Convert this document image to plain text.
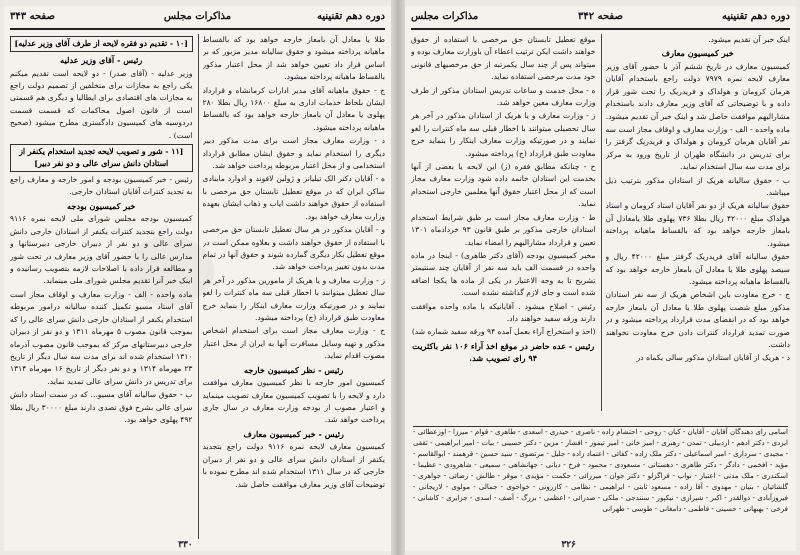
دوره دهم تقنینیه
مذاکرات مجلس
صفحه ۳۴۳
طلا یا معادل آن بامعاز خارجه خواهد بود که بالقساط ماهیانه پرداخته میشود و حقوق سالیانه مدیر مزبور که بر اساس قرار داد تعیین خواهد شد از محل اعتبار مذکور بالقساط ماهیانه پرداخته میشود.
ج - حقوق ماهیانه آقای مدیر ادارات کرمانشاه و قرارداد ایشان بلحاظ خدمات اداری به مبلغ ۱۶۸۰۰ ریال بطلا ۲۸۰ پهلوی یا معادل آن بامعاز خارجه خواهد بود که بالقساط ماهیانه پرداخته میشود.
د - وزارت معارف مجاز است برای مدت مذکور دبیر دیگری را استخدام نماید و حقوق ایشان مطابق قرارداد استخدامی و از محل اعتبار مربوطه پرداخت خواهد شد.
ه - آقایان دکتر الک تیلیانز و ژولین لافوند و ادوارد مابنادی ساکن ایران که در موقع تعطیل تابستان حق مرخصی با استفاده از حقوق خواهند داشت ایاب و ذهاب ایشان بعهده وزارت معارف خواهد بود.
و - آقایان مذکور در هر سال تعطیل تابستان حق مرخصی با استفاده از حقوق خواهند داشت و بعلاوه ممکن است در موقع تعطیل بکار دیگری گمارده شوند و حقوق آنها در تمام مدت بدون تغییر پرداخت خواهد شد.
ز - وزارت معارف و یا هریک از مامورین مذکور در آخر هر سال تعطیل میتوانند با اخطار قبلی سه ماه کنترات را لغو نمایند و در صورتیکه وزارت معارف اینکار را بنماید خرج معاودت طبق قرارداد (ج) پرداخته میشود.
ح - وزارت معارف مجاز است برای استخدام اشخاص مذکور و تهیه وسایل مسافرت آنها به ایران از محل اعتبار مصوب اقدام نماید.
رئیس - نظر کمیسیون خارجه
کمیسیون امور خارجه با نظر کمیسیون معارف موافقت دارد و لایحه را با تصویب کمیسیون معارف تصویب مینماید و اعتبار مصوب از بودجه وزارت معارف در سال جاری پرداخت خواهد شد.
رئیس - خبر کمیسیون معارف
کمیسیون معارف لایحه نمره ۹۱۱۶ دولت راجع بتجدید یکنفر از استادان دانش سرای عالی و دو نفر از دبیران خارجی که در سال ۱۳۱۱ استخدام شده اند مطرح نموده با توضیحات آقای وزیر معارف موافقت حاصل شد.
[۱۰ - تقدیم دو فقره لایحه از طرف آقای وزیر عدلیه]
رئیس - آقای وزیر عدلیه
وزیر عدلیه - (آقای صدر) - دو لایحه است تقدیم میکنم یکی راجع به مجازات برای متخلفین از تصمیم دولت راجع به مجازات های اقتصادی برای ایطالیا و دیگری هم قسمتی است از قانون اصول محاکمات که قسمت قسمت دردوسیه های کمیسیون دادگستری مطرح میشود (صحیح است) .
[۱۱ - شور و تصویب لایحه تجدید استخدام یکنفر از استادان دانش سرای عالی و دو نفر دبیر]
رئیس - خبر کمیسیون بودجه و امور خارجه و معارف راجع به تجدید کنترات آقایان استادان خارجی.
خبر کمیسیون بودجه
کمیسیون بودجه مجلس شورای ملی لایحه نمره ۹۱۱۶ دولت راجع بتجدید کنترات یکنفر از استادان خارجی دانش سرای عالی و دو نفر از دبیران خارجی دبیرستانها و مدارس عالی را با حضور آقای وزیر معارف در تحت شور و مطالعه قرار داده با اصلاحات لازمه بتصویب رسانیده و اینک خبر آنرا تقدیم مجلس شورای ملی مینماید.
ماده واحده - الف - وزارت معارف و اوقاف مجاز است آقای استاد مسیو تکمیل کننده سالیانه درامور مربوطه استخدام یکنفر از استادان خارجی دانش سرای عالی را که بموجب قانون مصوب ۵ مهرماه ۱۳۱۱ و دو نفر از دبیران خارجی دبیرستانهای مرکز که بموجب قانون مصوب آذرماه ۱۳۱۰ استخدام شده اند برای مدت سه سال دیگر از تاریخ ۲۳ مهرماه ۱۳۱۴ و دو نفر دیگر از تاریخ ۱۶ مهرماه ۱۳۱۴ برای تدریس در دانش سرای عالی تمدید نماید.
ب - حقوق سالیانه آقای مسیو... که در سمت استاد دانش سرای عالی بشرح فوق تصدی دارند مبلغ ۳۰۰۰۰ ریال بطلا ۴۹۲ پهلوی خواهد بود.
۳۳۰
دوره دهم تقنینیه
صفحه ۳۴۲
مذاکرات مجلس
اینک خبر آن تقدیم میشود.
خبر کمیسیون معارف
کمیسیون معارف در تاریخ ششم آذر با حضور آقای وزیر معارف لایحه نمره ۷۹۷۹ دولت راجع باستخدام آقایان هرمان کرومان و هولداک و فریدریک را تحت شور قرار داده و با توضیحاتی که آقای وزیر معارف دادند باستخدام مشارالیهم موافقت حاصل شد و اینک خبر آن تقدیم میشود.
ماده واحده - الف - وزارت معارف و اوقاف مجاز است سه نفر آقایان هرمان کرومان و هولداک و فریدریک گرفتز را برای تدریس در دانشگاه طهران از تاریخ ورود به مرکز برای مدت سه سال استخدام نماید.
ب - حقوق سالیانه هریک از استادان مذکور بترتیب ذیل میباشد.
حقوق سالیانه هریک از دو نفر آقایان استاد کرومان و استاد هولداک مبلغ ۴۲۰۰۰ ریال بطلا ۷۳۶ پهلوی طلا یامعادل آن بامعاز خارجه خواهد بود که بالقساط ماهیانه پرداخته میشود.
حقوق سالیانه آقای فریدریک گرفتز مبلغ ۴۲۰۰۰ ریال و سیصد پهلوی طلا یا معادل آن بامعاز خارجه خواهد بود که بالقساط ماهیانه پرداخته میشود.
ج - خرج معاودت باین اشخاص هریک از سه نفر استادان مذکور مبلغ شصت پهلوی طلا یا معادل آن بامعاز خارجه خواهد بود که در انقضای مدت قرارداد پرداخته میشود و در صورت تمدید قرارداد کنترات دادن خرج معاودت نخواهند داشت.
د - هریک از آقایان استادان مذکور سالی یکماه در
موقع تعطیل تابستان حق مرخصی با استفاده از حقوق خواهند داشت ایکن ترتیب اعطاء آن باوزارت معارف بوده و میتواند پس از چند سال یکمرتبه از حق مرخصیهای قانونی خود مدت مرخصی استفاده نماید.
ه - محل خدمت و ساعات تدریس استادان مذکور از طرف وزارت معارف معین خواهد شد.
ز - وزارت معارف و یا هریک از استادان مذکور در آخر هر سال تحصیلی میتوانند با اخطار قبلی سه ماه کنترات را لغو نمایند و در صورتیکه وزارت معارف اینکار را بنماید خرج معاودت طبق قرارداد (ج) پرداخته میشود.
ح - چنانکه مطابق فقره (ز) این لایحه یا بعضی از آنها بخدمت این استادان خاتمه داده شود وزارت معارف مجاز است که از محل اعتبار حقوق آنها معلمین خارجی استخدام نماید.
ط - وزارت معارف مجاز است بر طبق شرایط استخدام استادان خارجی مذکور بر طبق قانون ۹۳ خردادماه ۱۳۰۱ تعیین و قرارداد مشارالیهم را امضاء نماید.
مخبر کمیسیون بودجه (آقای دکتر طاهری) - اینجا در ماده واحده در قسمت الف باید سه نفر از آقایان چند سنتیمتر تشریح تا به وجه الاعتبار در یکی از ماده ها یکجا اضافه شده است و جای لازم گذاشته نشده است.
رئیس - اصلاح میشود . آقایانیکه با ماده واحده موافقت دارند ورقه سفید خواهند داد.
(اخذ و استخراج آراء بعمل آمده ۹۴ ورقه سفید شماره شد)
رئیس - عده حاضر در موقع اخذ آراء ۱۰۶ نفر باکثریت ۹۴ رای تصویب شد.
اسامی رای دهندگان آقایان - آقایان - کیان - روحی - احتشام زاده - ناصری - حیدری - اسعدی - طاهری - قوام - میرزا - اوزعطائی - ایزدی - دکتر ادهم - اردبیلی - تمدن - رهبری - امیر خانی - امیر تیمور - افشار - مزین - دکتر حسینی - بیات - امیر ابراهیمی - ثقفی - مجیدی - سرداری - امیر اسماعیلی - دکتر ملک زاده - کفائی - اعتماد زاده - جلیل - مرتضوی - سید حسین - فرهمند - ابوالقاسم - مؤید - افخمی - دادگر - دکتر طاهری - دهستانی - مسعودی - محمود - فرخ - دیانی - جهانشاهی - سمیعی - شاهرودی - عظیما - اسکندری - ملک مدنی - اعتبار - نواب - قراگزلو - دکتر جوان - میرزائی - حکمت - مؤیدی - موقر - طالش - رضائی - جواهری - گلشائیان - بنیان - مهدوی - آقا زاده - مسعود ثابتی - ابراهیمی - نظامی - کازرونی - خواجوی - جمالی - مولوی - لاریجانی - فیروزآبادی - ذوالقدر - اکبر - شیرازی - نیکپور - سنندجی - ملکی - صدرائی - اعظمی - بزرگ - آصف - اسدی - جزایری - کاشانی - فرخی - بهبهانی - حسینی - فاطمی - دامغانی - طوسی - طهرانی
۳۲۶
